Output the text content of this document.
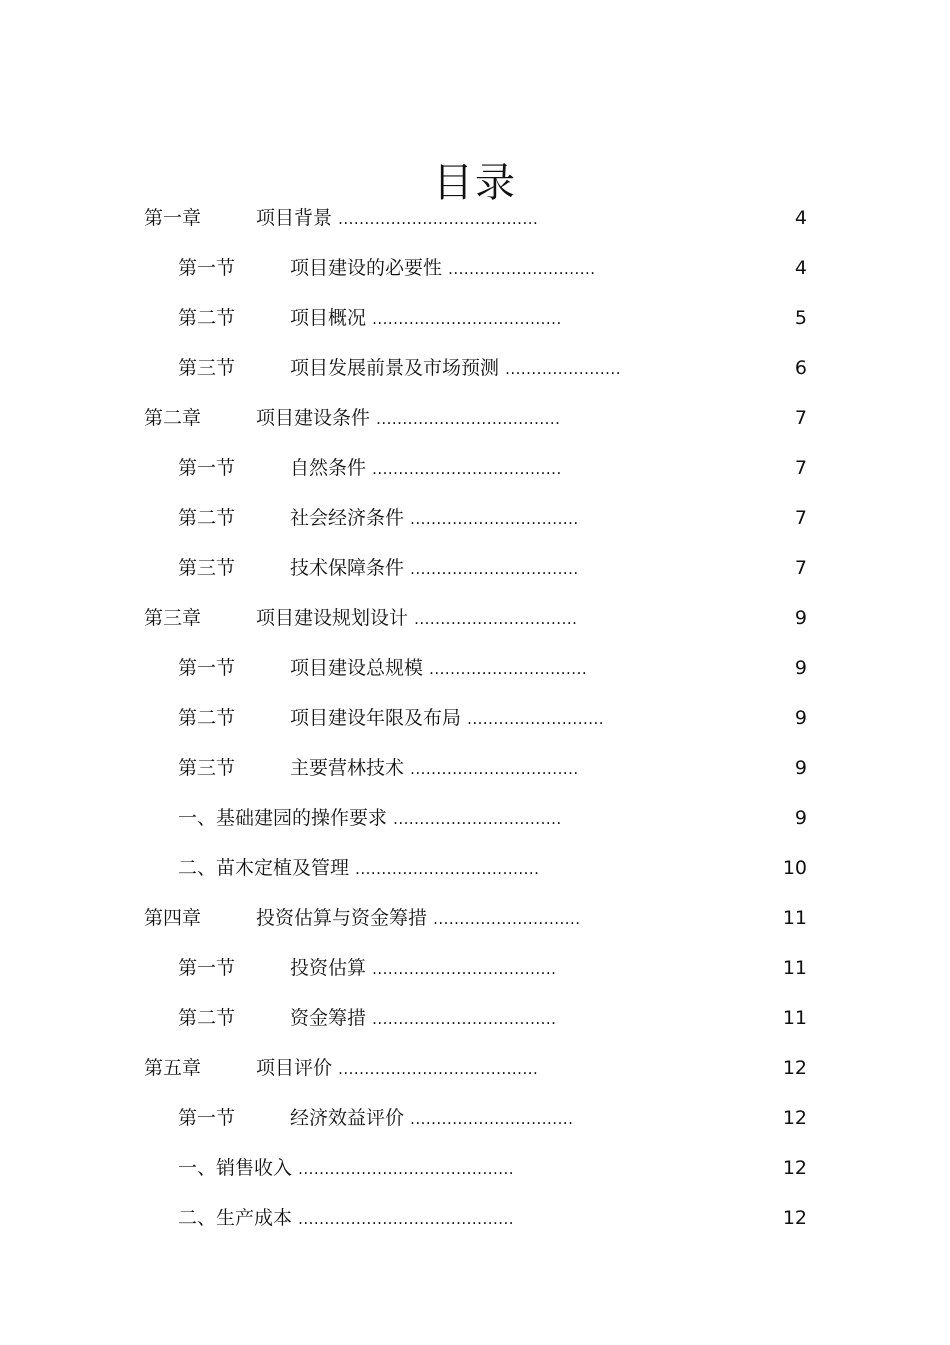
目录
第一章	项目背景 ......................................	4
第一节	项目建设的必要性 ............................	4
第二节	项目概况 ....................................	5
第三节	项目发展前景及市场预测 ......................	6
第二章	项目建设条件 ...................................	7
第一节	自然条件 ....................................	7
第二节	社会经济条件 ................................	7
第三节	技术保障条件 ................................	7
第三章	项目建设规划设计 ...............................	9
第一节	项目建设总规模 ..............................	9
第二节	项目建设年限及布局 ..........................	9
第三节	主要营林技术 ................................	9
一、基础建园的操作要求 ................................	9
二、苗木定植及管理 ...................................	10
第四章	投资估算与资金筹措 ............................	11
第一节	投资估算 ...................................	11
第二节	资金筹措 ...................................	11
第五章	项目评价 ......................................	12
第一节	经济效益评价 ...............................	12
一、销售收入 .........................................	12
二、生产成本 .........................................	12
